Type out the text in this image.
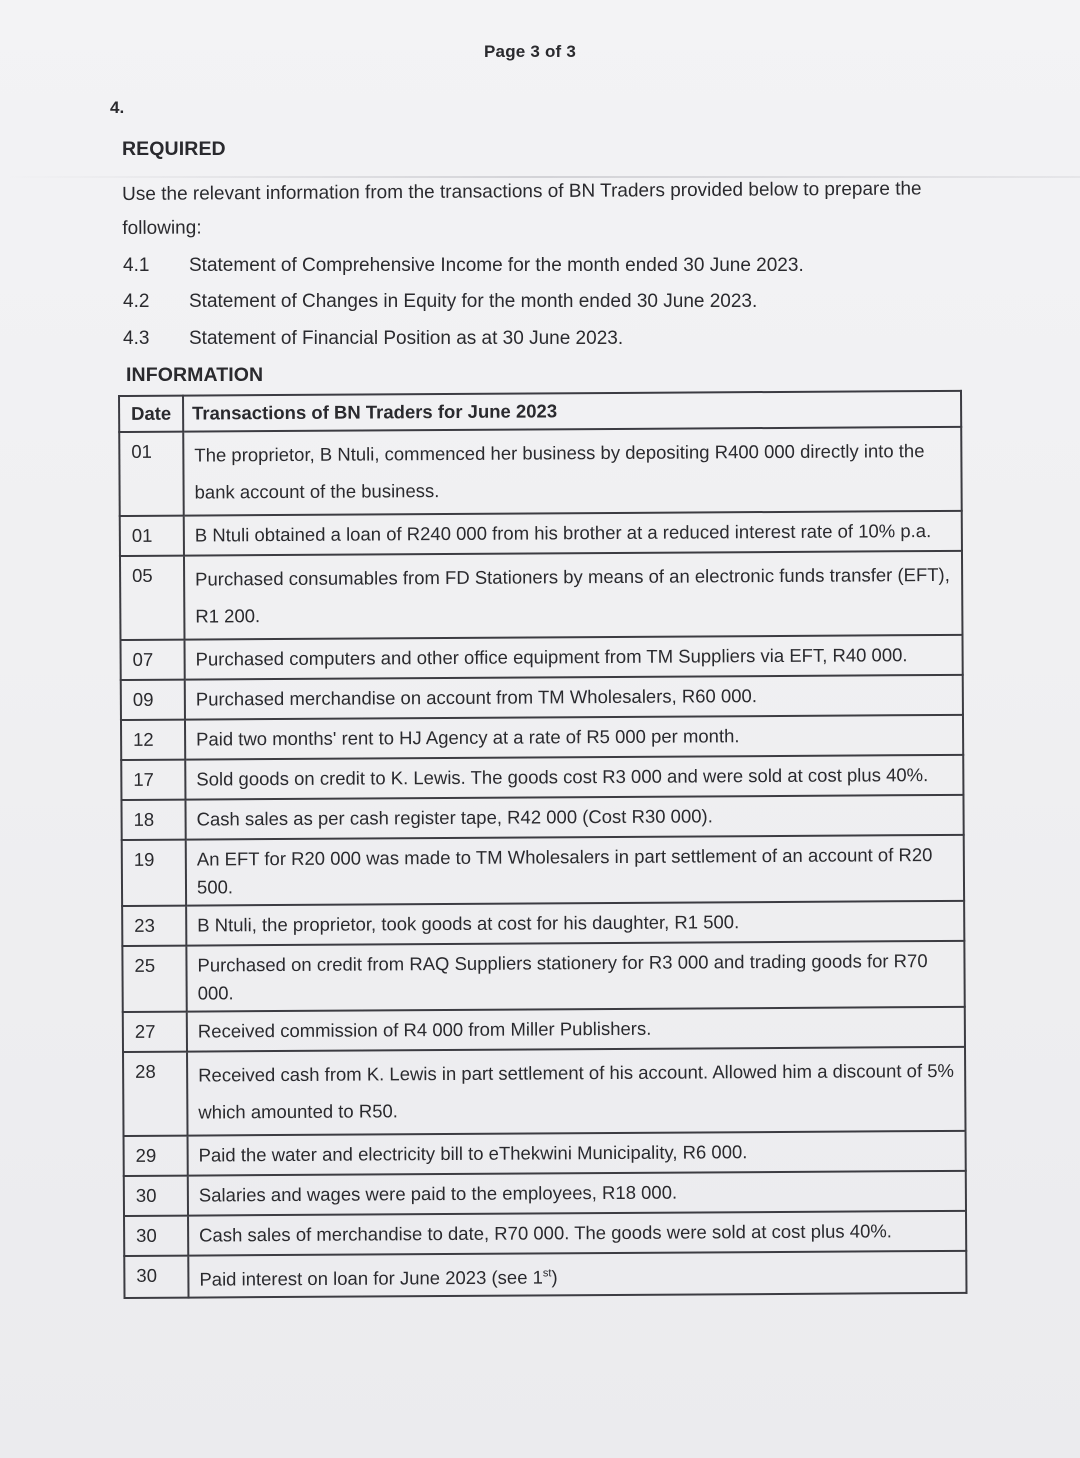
Page 3 of 3
4.
REQUIRED
Use the relevant information from the transactions of BN Traders provided below to prepare the following:
4.1	Statement of Comprehensive Income for the month ended 30 June 2023.
4.2	Statement of Changes in Equity for the month ended 30 June 2023.
4.3	Statement of Financial Position as at 30 June 2023.
INFORMATION
Date	Transactions of BN Traders for June 2023
01	The proprietor, B Ntuli, commenced her business by depositing R400 000 directly into the bank account of the business.
01	B Ntuli obtained a loan of R240 000 from his brother at a reduced interest rate of 10% p.a.
05	Purchased consumables from FD Stationers by means of an electronic funds transfer (EFT), R1 200.
07	Purchased computers and other office equipment from TM Suppliers via EFT, R40 000.
09	Purchased merchandise on account from TM Wholesalers, R60 000.
12	Paid two months' rent to HJ Agency at a rate of R5 000 per month.
17	Sold goods on credit to K. Lewis. The goods cost R3 000 and were sold at cost plus 40%.
18	Cash sales as per cash register tape, R42 000 (Cost R30 000).
19	An EFT for R20 000 was made to TM Wholesalers in part settlement of an account of R20 500.
23	B Ntuli, the proprietor, took goods at cost for his daughter, R1 500.
25	Purchased on credit from RAQ Suppliers stationery for R3 000 and trading goods for R70 000.
27	Received commission of R4 000 from Miller Publishers.
28	Received cash from K. Lewis in part settlement of his account. Allowed him a discount of 5% which amounted to R50.
29	Paid the water and electricity bill to eThekwini Municipality, R6 000.
30	Salaries and wages were paid to the employees, R18 000.
30	Cash sales of merchandise to date, R70 000. The goods were sold at cost plus 40%.
30	Paid interest on loan for June 2023 (see 1st)
